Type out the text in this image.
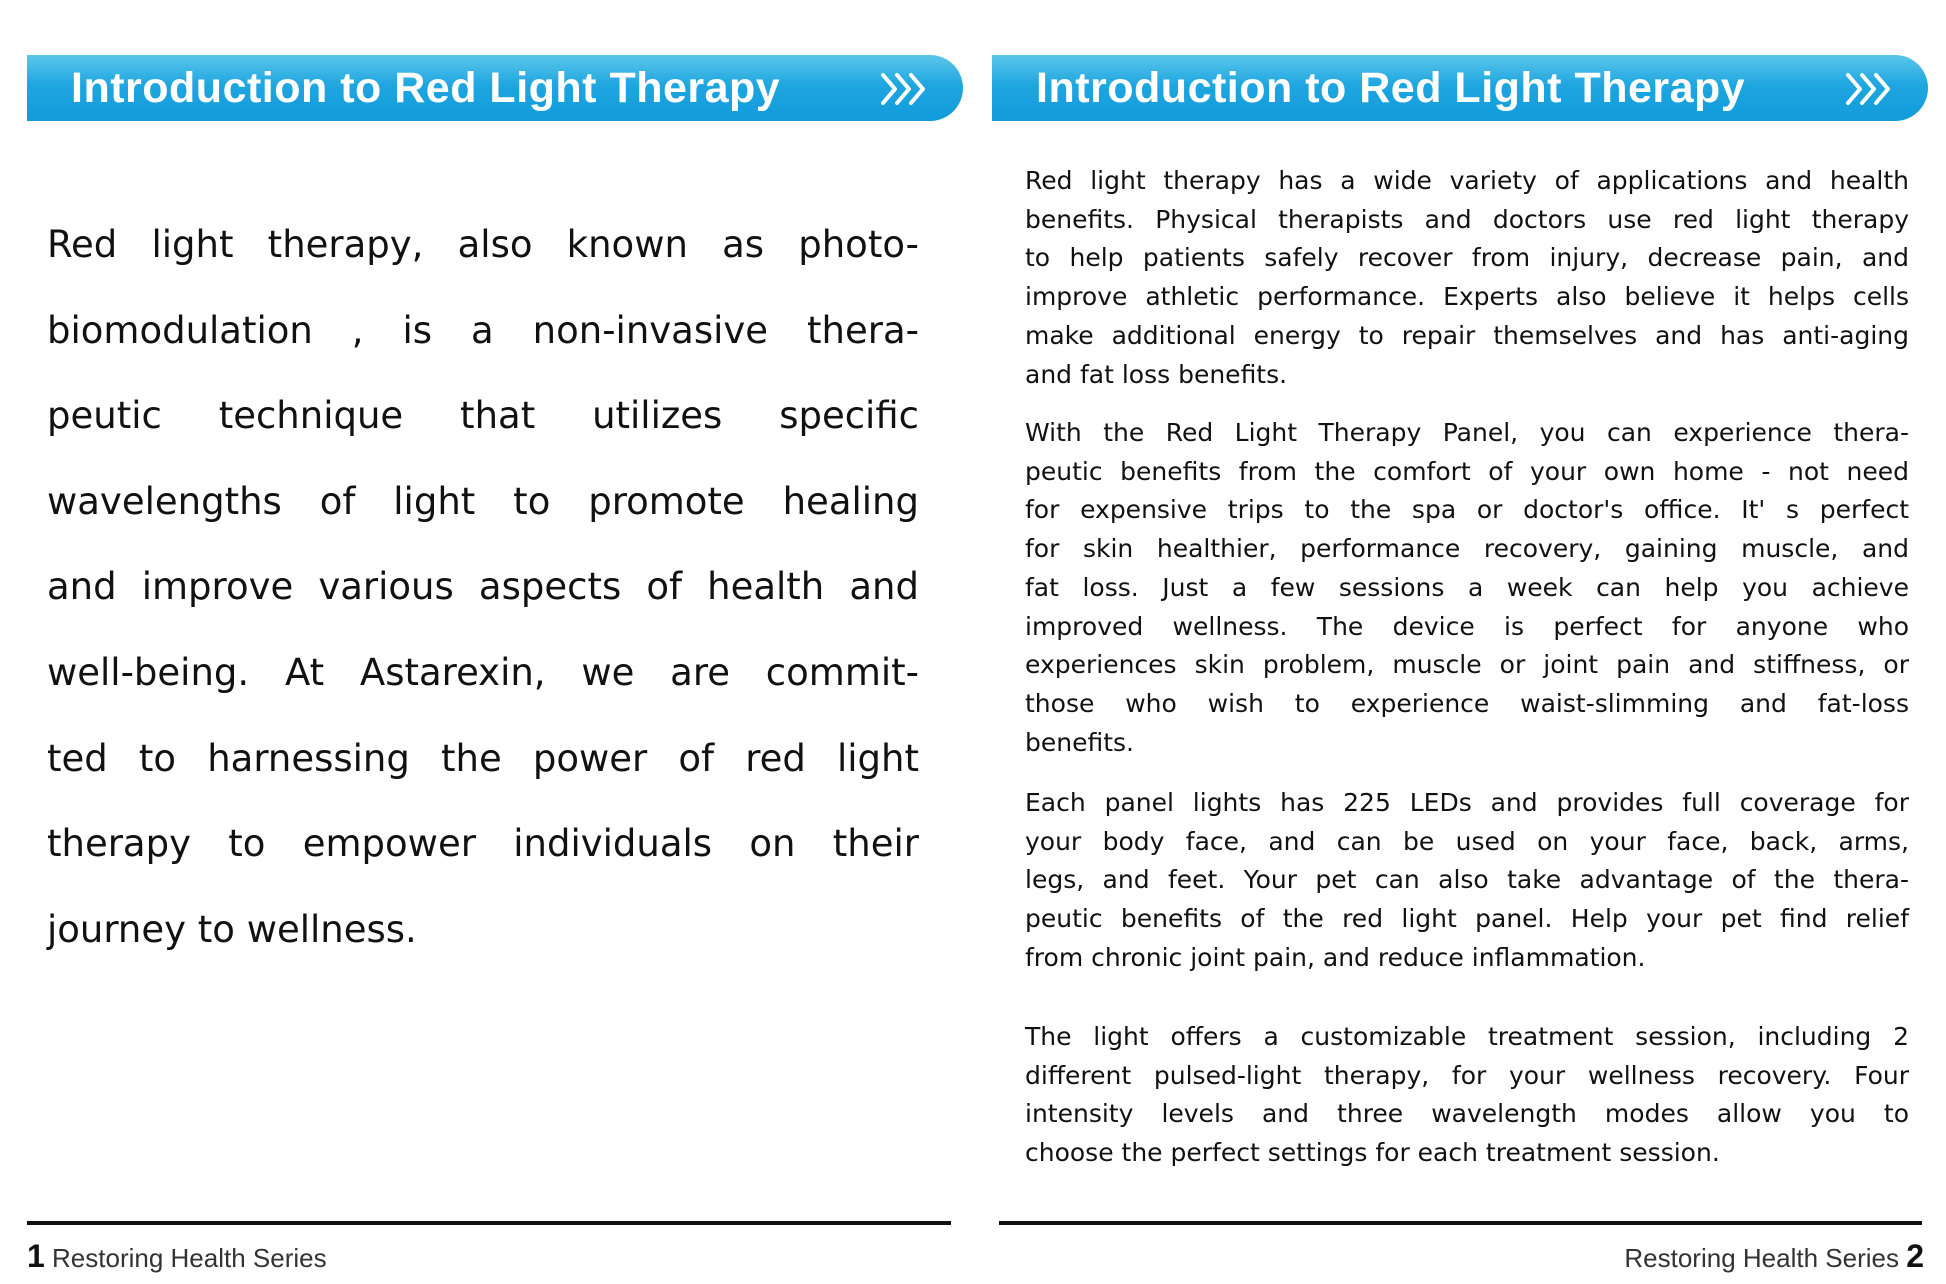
Introduction to Red Light Therapy	Introduction to Red Light Therapy
Red light therapy, also known as photo-
biomodulation , is a non-invasive thera-
peutic technique that utilizes specific
wavelengths of light to promote healing
and improve various aspects of health and
well-being. At Astarexin, we are commit-
ted to harnessing the power of red light
therapy to empower individuals on their
journey to wellness.
Red light therapy has a wide variety of applications and health
benefits. Physical therapists and doctors use red light therapy
to help patients safely recover from injury, decrease pain, and
improve athletic performance. Experts also believe it helps cells
make additional energy to repair themselves and has anti-aging
and fat loss benefits.
With the Red Light Therapy Panel, you can experience thera-
peutic benefits from the comfort of your own home - not need
for expensive trips to the spa or doctor's office. It' s perfect
for skin healthier, performance recovery, gaining muscle, and
fat loss. Just a few sessions a week can help you achieve
improved wellness. The device is perfect for anyone who
experiences skin problem, muscle or joint pain and stiffness, or
those who wish to experience waist-slimming and fat-loss
benefits.
Each panel lights has 225 LEDs and provides full coverage for
your body face, and can be used on your face, back, arms,
legs, and feet. Your pet can also take advantage of the thera-
peutic benefits of the red light panel. Help your pet find relief
from chronic joint pain, and reduce inflammation.
The light offers a customizable treatment session, including 2
different pulsed-light therapy, for your wellness recovery. Four
intensity levels and three wavelength modes allow you to
choose the perfect settings for each treatment session.
1 Restoring Health Series	Restoring Health Series 2
